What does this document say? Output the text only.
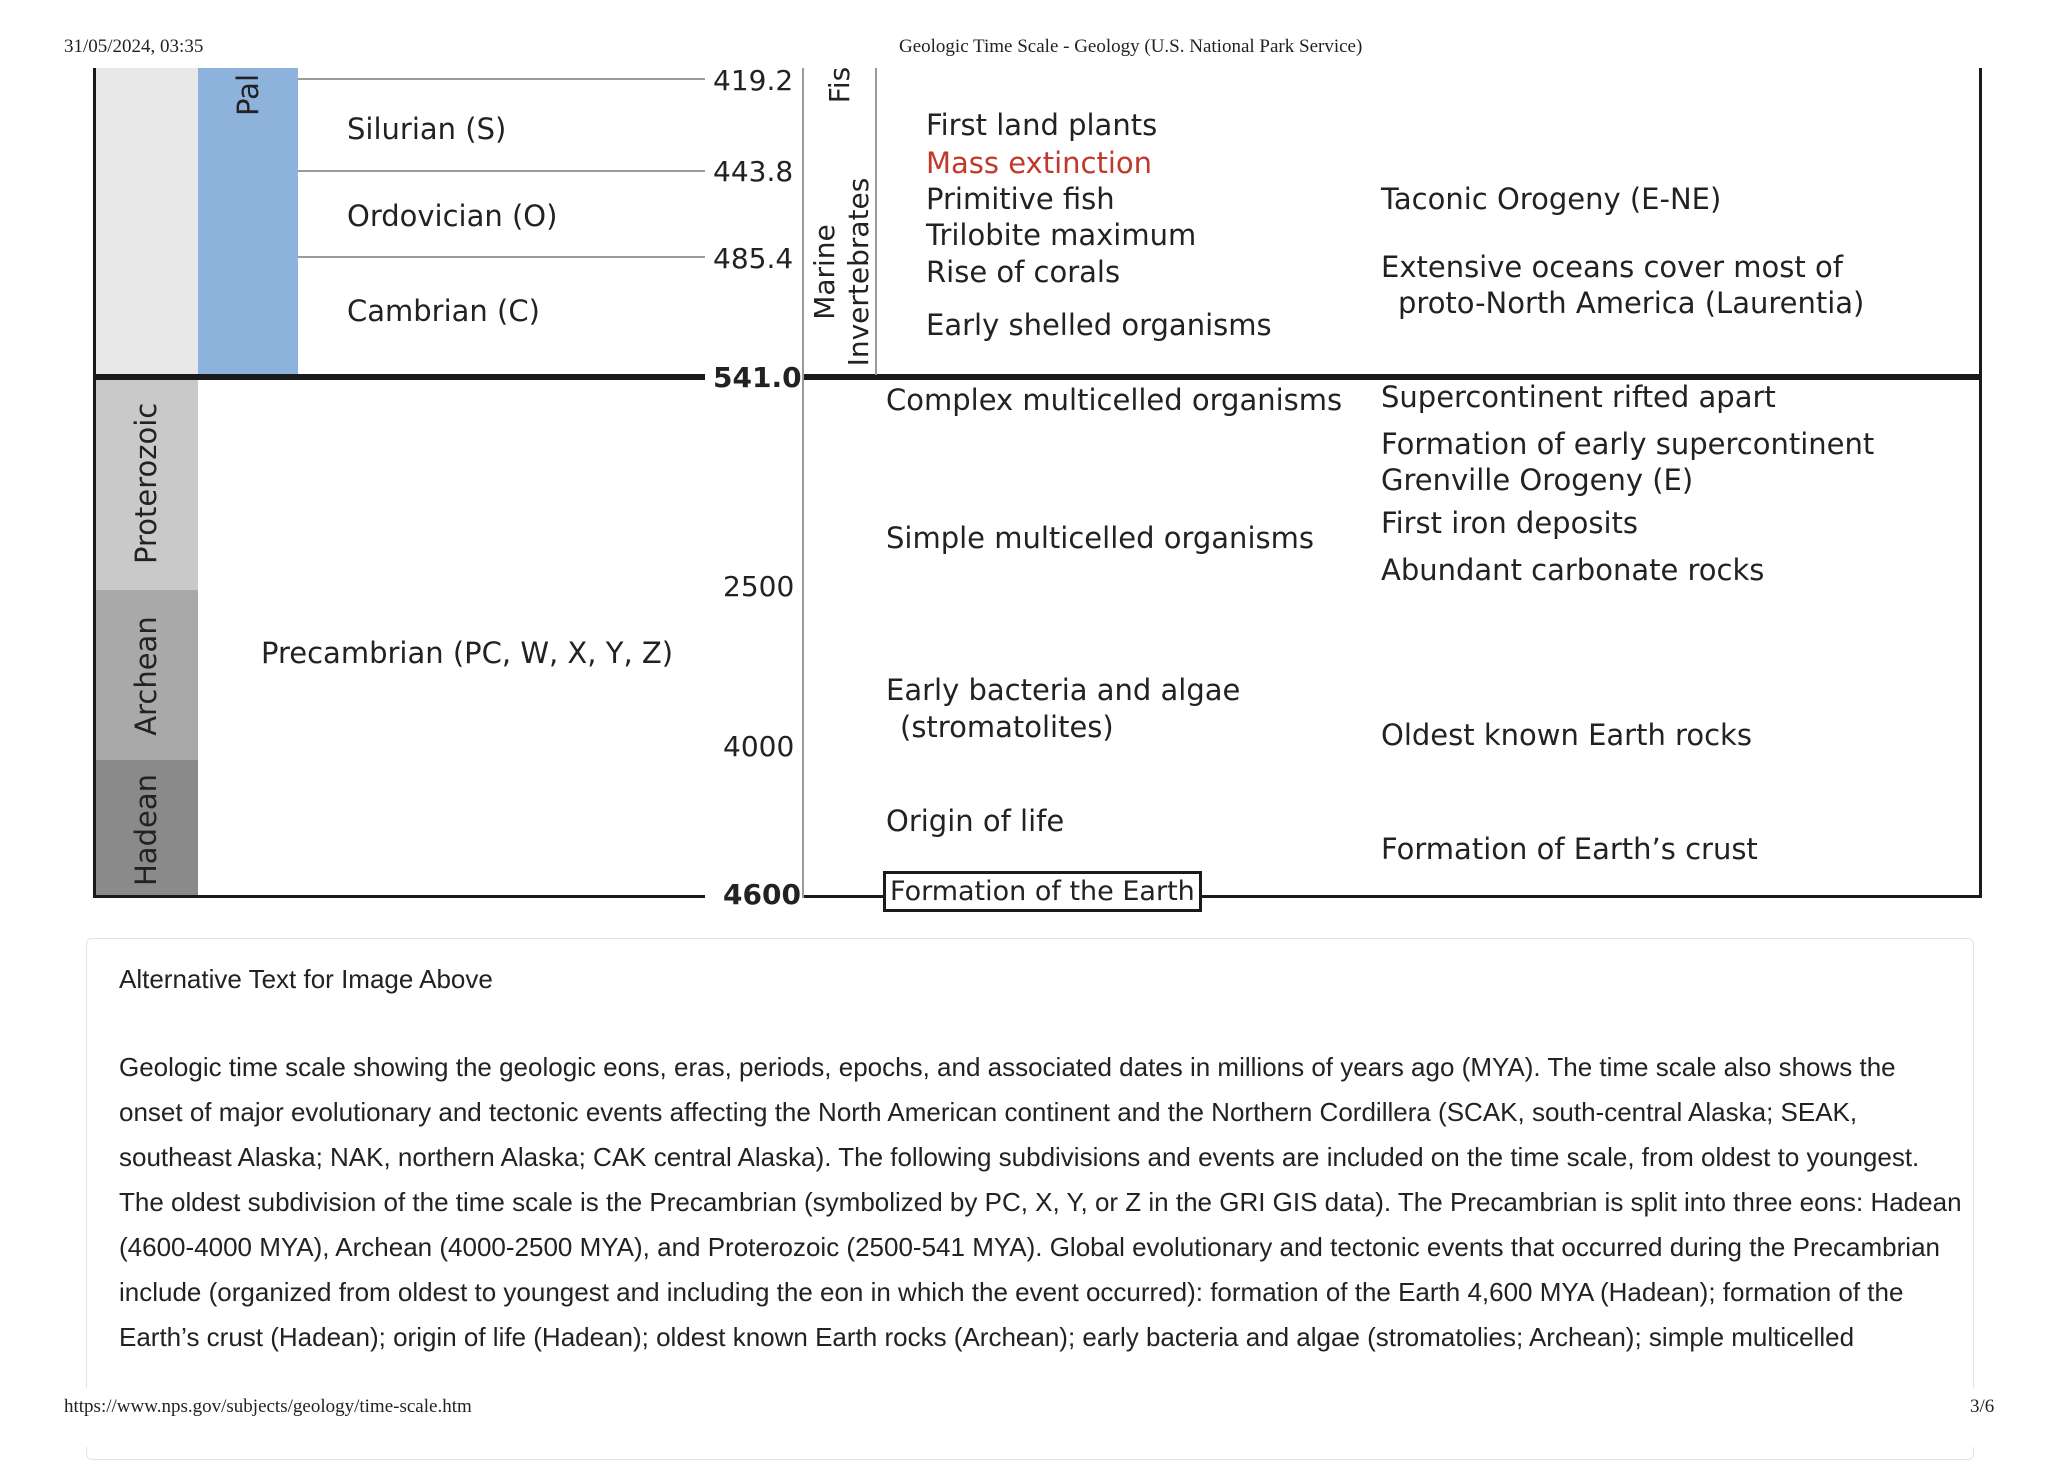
31/05/2024, 03:35	Geologic Time Scale - Geology (U.S. National Park Service)
Pal
Proterozoic
Archean
Hadean
Silurian (S)
Ordovician (O)
Cambrian (C)
Precambrian (PC, W, X, Y, Z)
419.2
443.8
485.4
541.0
2500
4000
4600
Fis
Marine Invertebrates
First land plants
Mass extinction
Primitive fish
Trilobite maximum
Rise of corals
Early shelled organisms
Complex multicelled organisms
Simple multicelled organisms
Early bacteria and algae
(stromatolites)
Origin of life
Formation of the Earth
Taconic Orogeny (E-NE)
Extensive oceans cover most of
proto-North America (Laurentia)
Supercontinent rifted apart
Formation of early supercontinent
Grenville Orogeny (E)
First iron deposits
Abundant carbonate rocks
Oldest known Earth rocks
Formation of Earth’s crust
Alternative Text for Image Above
Geologic time scale showing the geologic eons, eras, periods, epochs, and associated dates in millions of years ago (MYA). The time scale also shows the onset of major evolutionary and tectonic events affecting the North American continent and the Northern Cordillera (SCAK, south-central Alaska; SEAK, southeast Alaska; NAK, northern Alaska; CAK central Alaska). The following subdivisions and events are included on the time scale, from oldest to youngest. The oldest subdivision of the time scale is the Precambrian (symbolized by PC, X, Y, or Z in the GRI GIS data). The Precambrian is split into three eons: Hadean (4600-4000 MYA), Archean (4000-2500 MYA), and Proterozoic (2500-541 MYA). Global evolutionary and tectonic events that occurred during the Precambrian include (organized from oldest to youngest and including the eon in which the event occurred): formation of the Earth 4,600 MYA (Hadean); formation of the Earth’s crust (Hadean); origin of life (Hadean); oldest known Earth rocks (Archean); early bacteria and algae (stromatolies; Archean); simple multicelled
https://www.nps.gov/subjects/geology/time-scale.htm	3/6
